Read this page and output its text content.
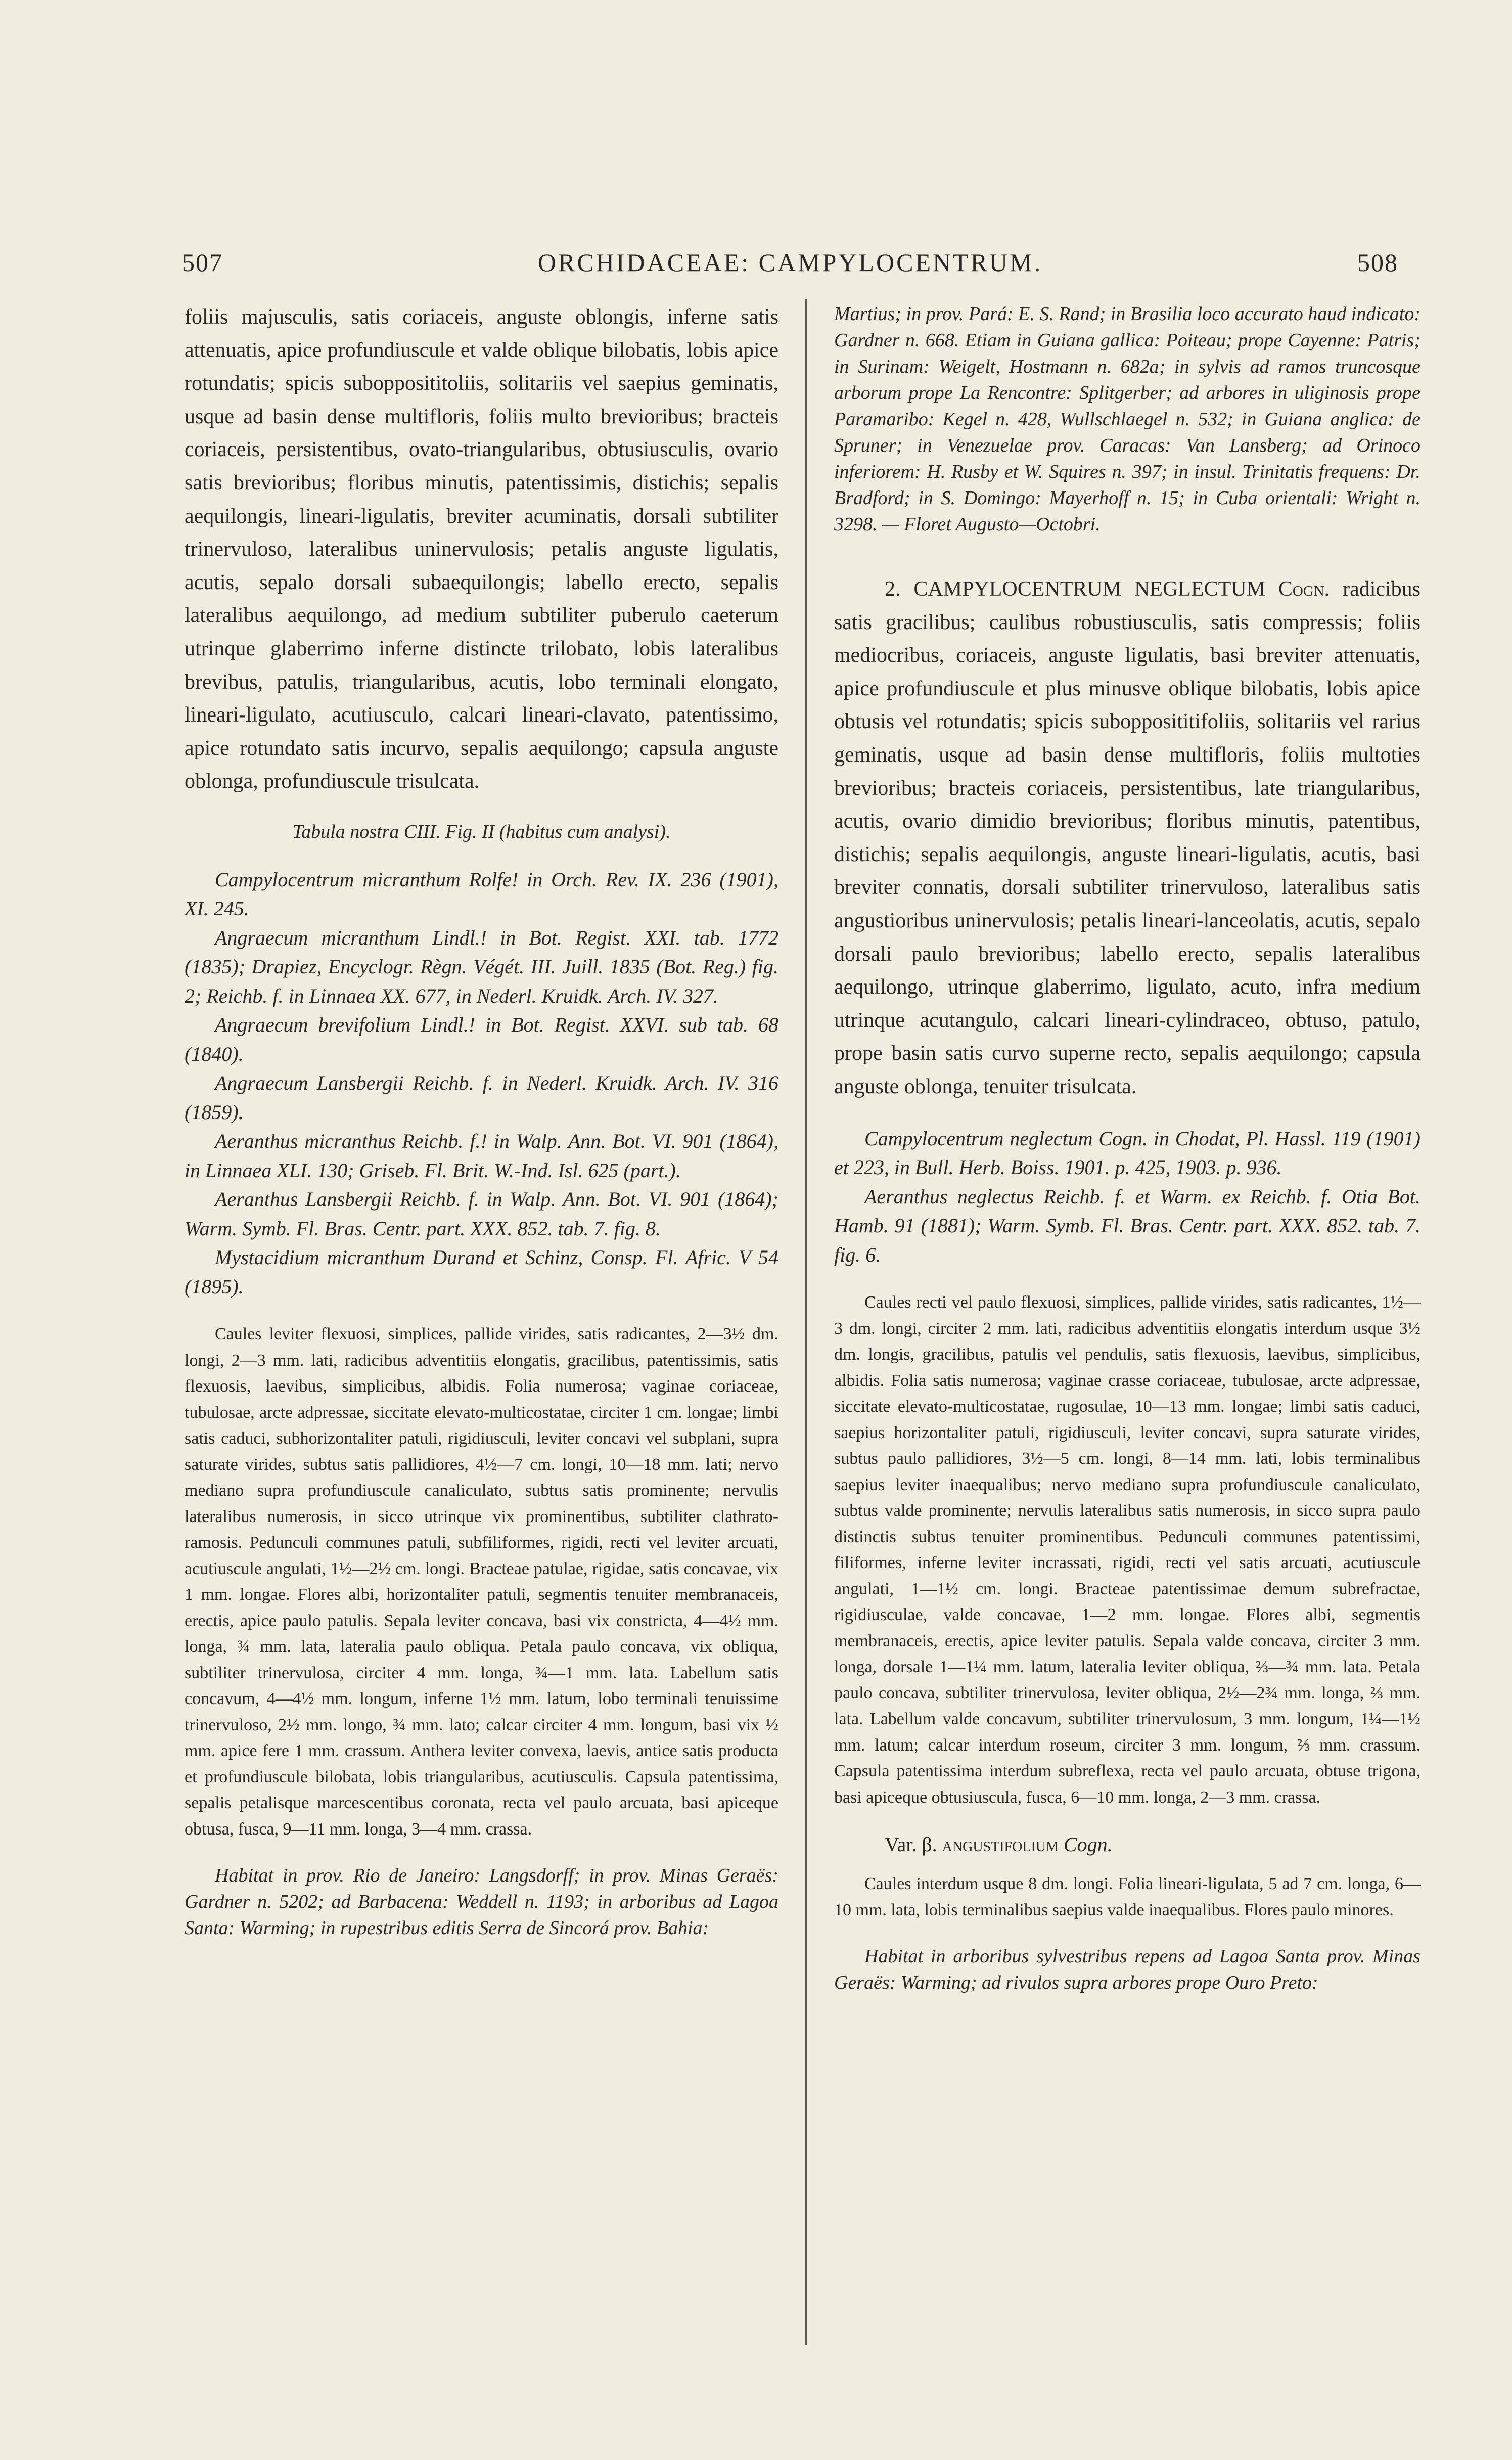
507	ORCHIDACEAE: CAMPYLOCENTRUM.	508

foliis majusculis, satis coriaceis, anguste oblongis, inferne satis attenuatis, apice profundiuscule et valde oblique bilobatis, lobis apice rotundatis; spicis subopposititoliis, solitariis vel saepius geminatis, usque ad basin dense multifloris, foliis multo brevioribus; bracteis coriaceis, persistentibus, ovato-triangularibus, obtusiusculis, ovario satis brevioribus; floribus minutis, patentissimis, distichis; sepalis aequilongis, lineari-ligulatis, breviter acuminatis, dorsali subtiliter trinervuloso, lateralibus uninervulosis; petalis anguste ligulatis, acutis, sepalo dorsali subaequilongis; labello erecto, sepalis lateralibus aequilongo, ad medium subtiliter puberulo caeterum utrinque glaberrimo inferne distincte trilobato, lobis lateralibus brevibus, patulis, triangularibus, acutis, lobo terminali elongato, lineari-ligulato, acutiusculo, calcari lineari-clavato, patentissimo, apice rotundato satis incurvo, sepalis aequilongo; capsula anguste oblonga, profundiuscule trisulcata.

Tabula nostra CIII. Fig. II (habitus cum analysi).

Campylocentrum micranthum Rolfe! in Orch. Rev. IX. 236 (1901), XI. 245.

Angraecum micranthum Lindl.! in Bot. Regist. XXI. tab. 1772 (1835); Drapiez, Encyclogr. Règn. Végét. III. Juill. 1835 (Bot. Reg.) fig. 2; Reichb. f. in Linnaea XX. 677, in Nederl. Kruidk. Arch. IV. 327.

Angraecum brevifolium Lindl.! in Bot. Regist. XXVI. sub tab. 68 (1840).

Angraecum Lansbergii Reichb. f. in Nederl. Kruidk. Arch. IV. 316 (1859).

Aeranthus micranthus Reichb. f.! in Walp. Ann. Bot. VI. 901 (1864), in Linnaea XLI. 130; Griseb. Fl. Brit. W.-Ind. Isl. 625 (part.).

Aeranthus Lansbergii Reichb. f. in Walp. Ann. Bot. VI. 901 (1864); Warm. Symb. Fl. Bras. Centr. part. XXX. 852. tab. 7. fig. 8.

Mystacidium micranthum Durand et Schinz, Consp. Fl. Afric. V 54 (1895).

Caules leviter flexuosi, simplices, pallide virides, satis radicantes, 2—3½ dm. longi, 2—3 mm. lati, radicibus adventitiis elongatis, gracilibus, patentissimis, satis flexuosis, laevibus, simplicibus, albidis. Folia numerosa; vaginae coriaceae, tubulosae, arcte adpressae, siccitate elevato-multicostatae, circiter 1 cm. longae; limbi satis caduci, subhorizontaliter patuli, rigidiusculi, leviter concavi vel subplani, supra saturate virides, subtus satis pallidiores, 4½—7 cm. longi, 10—18 mm. lati; nervo mediano supra profundiuscule canaliculato, subtus satis prominente; nervulis lateralibus numerosis, in sicco utrinque vix prominentibus, subtiliter clathrato-ramosis. Pedunculi communes patuli, subfiliformes, rigidi, recti vel leviter arcuati, acutiuscule angulati, 1½—2½ cm. longi. Bracteae patulae, rigidae, satis concavae, vix 1 mm. longae. Flores albi, horizontaliter patuli, segmentis tenuiter membranaceis, erectis, apice paulo patulis. Sepala leviter concava, basi vix constricta, 4—4½ mm. longa, ¾ mm. lata, lateralia paulo obliqua. Petala paulo concava, vix obliqua, subtiliter trinervulosa, circiter 4 mm. longa, ¾—1 mm. lata. Labellum satis concavum, 4—4½ mm. longum, inferne 1½ mm. latum, lobo terminali tenuissime trinervuloso, 2½ mm. longo, ¾ mm. lato; calcar circiter 4 mm. longum, basi vix ½ mm. apice fere 1 mm. crassum. Anthera leviter convexa, laevis, antice satis producta et profundiuscule bilobata, lobis triangularibus, acutiusculis. Capsula patentissima, sepalis petalisque marcescentibus coronata, recta vel paulo arcuata, basi apiceque obtusa, fusca, 9—11 mm. longa, 3—4 mm. crassa.

Habitat in prov. Rio de Janeiro: Langsdorff; in prov. Minas Geraës: Gardner n. 5202; ad Barbacena: Weddell n. 1193; in arboribus ad Lagoa Santa: Warming; in rupestribus editis Serra de Sincorá prov. Bahia:

Martius; in prov. Pará: E. S. Rand; in Brasilia loco accurato haud indicato: Gardner n. 668. Etiam in Guiana gallica: Poiteau; prope Cayenne: Patris; in Surinam: Weigelt, Hostmann n. 682a; in sylvis ad ramos truncosque arborum prope La Rencontre: Splitgerber; ad arbores in uliginosis prope Paramaribo: Kegel n. 428, Wullschlaegel n. 532; in Guiana anglica: de Spruner; in Venezuelae prov. Caracas: Van Lansberg; ad Orinoco inferiorem: H. Rusby et W. Squires n. 397; in insul. Trinitatis frequens: Dr. Bradford; in S. Domingo: Mayerhoff n. 15; in Cuba orientali: Wright n. 3298. — Floret Augusto—Octobri.

2. CAMPYLOCENTRUM NEGLECTUM Cogn. radicibus satis gracilibus; caulibus robustiusculis, satis compressis; foliis mediocribus, coriaceis, anguste ligulatis, basi breviter attenuatis, apice profundiuscule et plus minusve oblique bilobatis, lobis apice obtusis vel rotundatis; spicis subopposititifoliis, solitariis vel rarius geminatis, usque ad basin dense multifloris, foliis multoties brevioribus; bracteis coriaceis, persistentibus, late triangularibus, acutis, ovario dimidio brevioribus; floribus minutis, patentibus, distichis; sepalis aequilongis, anguste lineari-ligulatis, acutis, basi breviter connatis, dorsali subtiliter trinervuloso, lateralibus satis angustioribus uninervulosis; petalis lineari-lanceolatis, acutis, sepalo dorsali paulo brevioribus; labello erecto, sepalis lateralibus aequilongo, utrinque glaberrimo, ligulato, acuto, infra medium utrinque acutangulo, calcari lineari-cylindraceo, obtuso, patulo, prope basin satis curvo superne recto, sepalis aequilongo; capsula anguste oblonga, tenuiter trisulcata.

Campylocentrum neglectum Cogn. in Chodat, Pl. Hassl. 119 (1901) et 223, in Bull. Herb. Boiss. 1901. p. 425, 1903. p. 936.

Aeranthus neglectus Reichb. f. et Warm. ex Reichb. f. Otia Bot. Hamb. 91 (1881); Warm. Symb. Fl. Bras. Centr. part. XXX. 852. tab. 7. fig. 6.

Caules recti vel paulo flexuosi, simplices, pallide virides, satis radicantes, 1½—3 dm. longi, circiter 2 mm. lati, radicibus adventitiis elongatis interdum usque 3½ dm. longis, gracilibus, patulis vel pendulis, satis flexuosis, laevibus, simplicibus, albidis. Folia satis numerosa; vaginae crasse coriaceae, tubulosae, arcte adpressae, siccitate elevato-multicostatae, rugosulae, 10—13 mm. longae; limbi satis caduci, saepius horizontaliter patuli, rigidiusculi, leviter concavi, supra saturate virides, subtus paulo pallidiores, 3½—5 cm. longi, 8—14 mm. lati, lobis terminalibus saepius leviter inaequalibus; nervo mediano supra profundiuscule canaliculato, subtus valde prominente; nervulis lateralibus satis numerosis, in sicco supra paulo distinctis subtus tenuiter prominentibus. Pedunculi communes patentissimi, filiformes, inferne leviter incrassati, rigidi, recti vel satis arcuati, acutiuscule angulati, 1—1½ cm. longi. Bracteae patentissimae demum subrefractae, rigidiusculae, valde concavae, 1—2 mm. longae. Flores albi, segmentis membranaceis, erectis, apice leviter patulis. Sepala valde concava, circiter 3 mm. longa, dorsale 1—1¼ mm. latum, lateralia leviter obliqua, ⅔—¾ mm. lata. Petala paulo concava, subtiliter trinervulosa, leviter obliqua, 2½—2¾ mm. longa, ⅔ mm. lata. Labellum valde concavum, subtiliter trinervulosum, 3 mm. longum, 1¼—1½ mm. latum; calcar interdum roseum, circiter 3 mm. longum, ⅔ mm. crassum. Capsula patentissima interdum subreflexa, recta vel paulo arcuata, obtuse trigona, basi apiceque obtusiuscula, fusca, 6—10 mm. longa, 2—3 mm. crassa.

Var. β. angustifolium Cogn.

Caules interdum usque 8 dm. longi. Folia lineari-ligulata, 5 ad 7 cm. longa, 6—10 mm. lata, lobis terminalibus saepius valde inaequalibus. Flores paulo minores.

Habitat in arboribus sylvestribus repens ad Lagoa Santa prov. Minas Geraës: Warming; ad rivulos supra arbores prope Ouro Preto:
